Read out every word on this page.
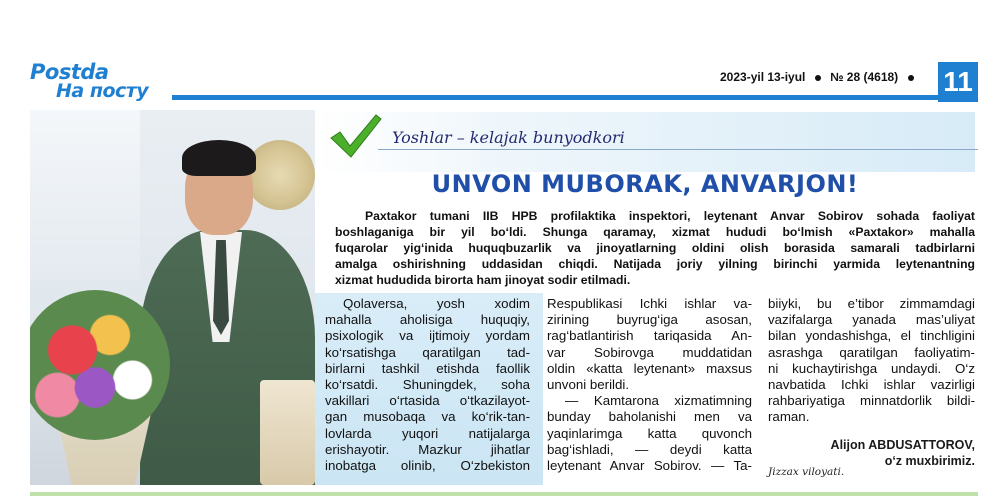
Postda
На посту
2023-yil 13-iyul № 28 (4618)	11
Yoshlar – kelajak bunyodkori
UNVON MUBORAK, ANVARJON!
Paxtakor tumani IIB HPB profilaktika inspektori, leytenant Anvar Sobirov sohada faoliyat
boshlaganiga bir yil bo‘ldi. Shunga qaramay, xizmat hududi bo‘lmish «Paxtakor» mahalla
fuqarolar yig‘inida huquqbuzarlik va jinoyatlarning oldini olish borasida samarali tadbirlarni
amalga oshirishning uddasidan chiqdi. Natijada joriy yilning birinchi yarmida leytenantning
xizmat hududida birorta ham jinoyat sodir etilmadi.
Qolaversa, yosh xodim
mahalla aholisiga huquqiy,
psixologik va ijtimoiy yordam
ko‘rsatishga qaratilgan tad-
birlarni tashkil etishda faollik
ko‘rsatdi. Shuningdek, soha
vakillari o‘rtasida o‘tkazilayot-
gan musobaqa va ko‘rik-tan-
lovlarda yuqori natijalarga
erishayotir. Mazkur jihatlar
inobatga olinib, O‘zbekiston
Respublikasi Ichki ishlar va-
zirining buyrug‘iga asosan,
rag‘batlantirish tariqasida An-
var Sobirovga muddatidan
oldin «katta leytenant» maxsus
unvoni berildi.
— Kamtarona xizmatimning
bunday baholanishi men va
yaqinlarimga katta quvonch
bag‘ishladi, — deydi katta
leytenant Anvar Sobirov. — Ta-
biiyki, bu e’tibor zimmamdagi
vazifalarga yanada mas’uliyat
bilan yondashishga, el tinchligini
asrashga qaratilgan faoliyatim-
ni kuchaytirishga undaydi. O‘z
navbatida Ichki ishlar vazirligi
rahbariyatiga minnatdorlik bildi-
raman.
Alijon ABDUSATTOROV,
o‘z muxbirimiz.
Jizzax viloyati.
